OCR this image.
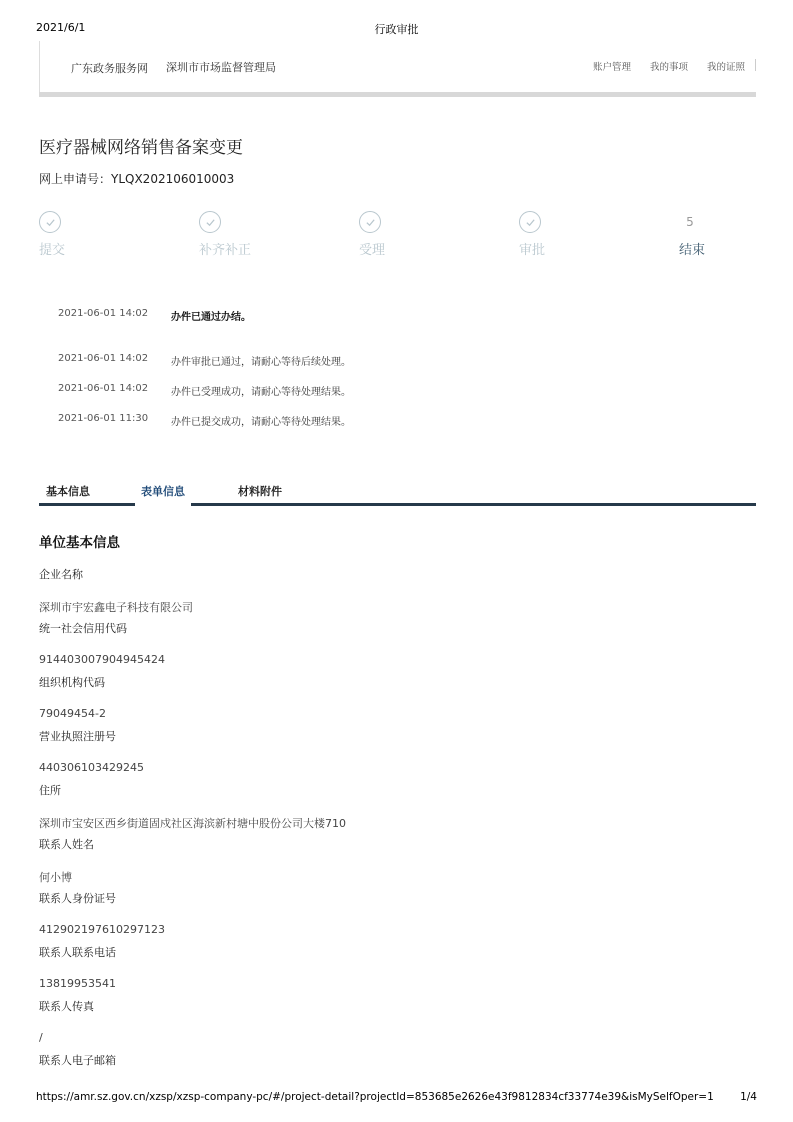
2021/6/1	行政审批
广东政务服务网 深圳市市场监督管理局	账户管理 我的事项 我的证照
医疗器械网络销售备案变更
网上申请号：YLQX202106010003
提交	补齐补正	受理	审批
5
结束
2021-06-01 14:02	办件已通过办结。
2021-06-01 14:02	办件审批已通过，请耐心等待后续处理。
2021-06-01 14:02	办件已受理成功，请耐心等待处理结果。
2021-06-01 11:30	办件已提交成功，请耐心等待处理结果。
基本信息	表单信息	材料附件
单位基本信息
企业名称
深圳市宇宏鑫电子科技有限公司
统一社会信用代码
914403007904945424
组织机构代码
79049454-2
营业执照注册号
440306103429245
住所
深圳市宝安区西乡街道固戍社区海滨新村塘中股份公司大楼710
联系人姓名
何小博
联系人身份证号
412902197610297123
联系人联系电话
13819953541
联系人传真
/
联系人电子邮箱
https://amr.sz.gov.cn/xzsp/xzsp-company-pc/#/project-detail?projectId=853685e2626e43f9812834cf33774e39&isMySelfOper=1	1/4
